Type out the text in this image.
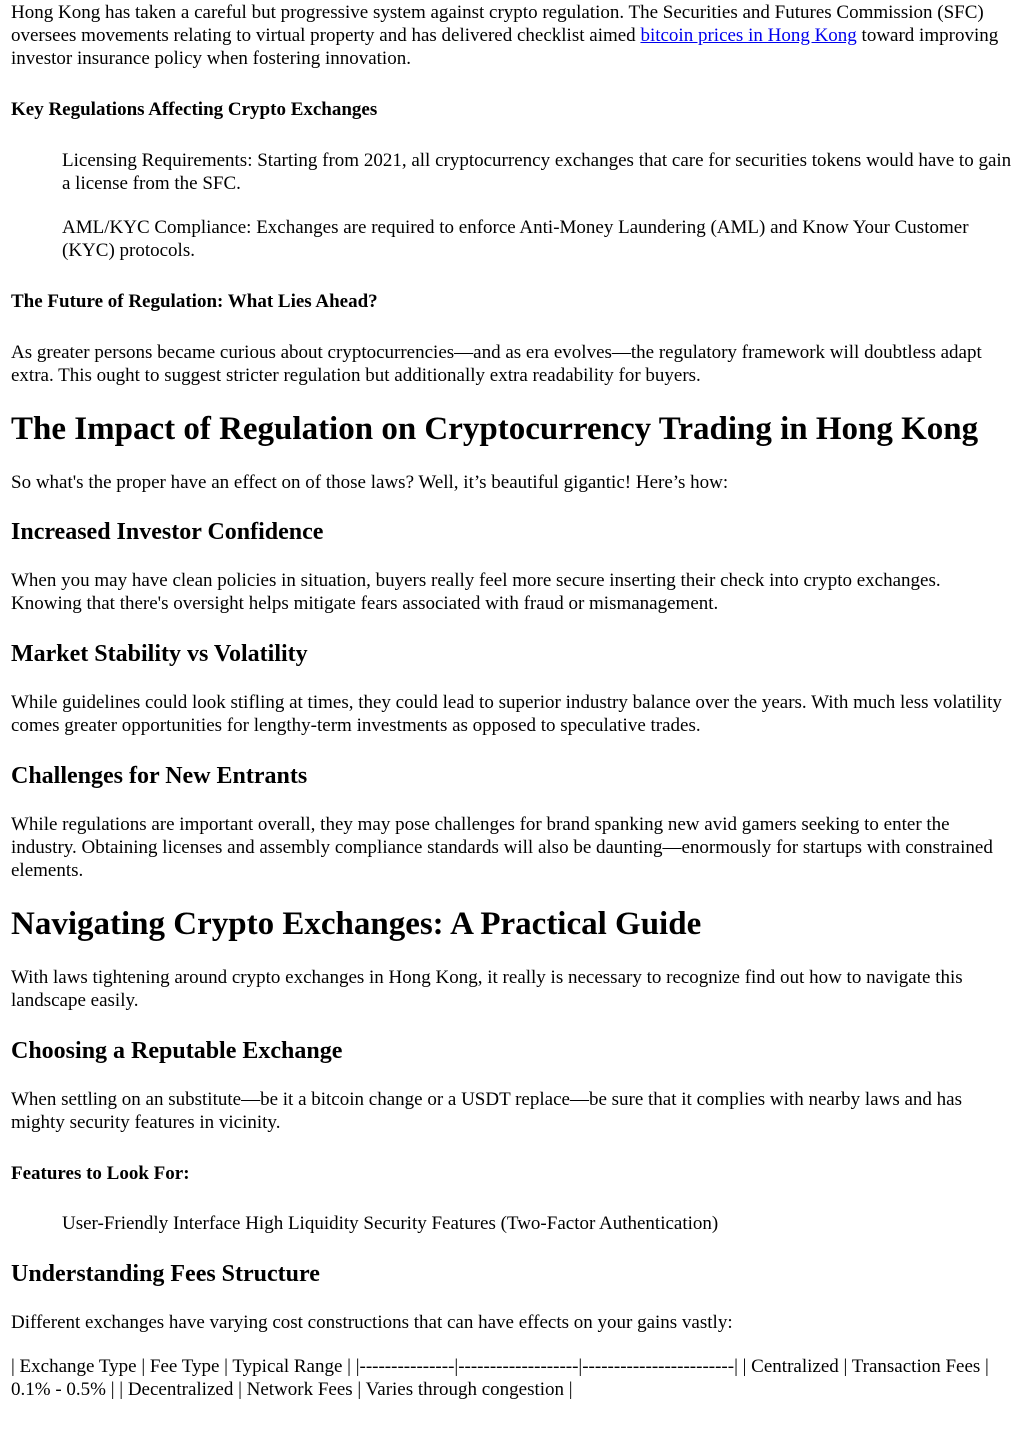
Hong Kong has taken a careful but progressive system against crypto regulation. The Securities and Futures Commission (SFC) oversees movements relating to virtual property and has delivered checklist aimed bitcoin prices in Hong Kong toward improving investor insurance policy when fostering innovation.

Key Regulations Affecting Crypto Exchanges

Licensing Requirements: Starting from 2021, all cryptocurrency exchanges that care for securities tokens would have to gain a license from the SFC.

AML/KYC Compliance: Exchanges are required to enforce Anti-Money Laundering (AML) and Know Your Customer (KYC) protocols.

The Future of Regulation: What Lies Ahead?

As greater persons became curious about cryptocurrencies—and as era evolves—the regulatory framework will doubtless adapt extra. This ought to suggest stricter regulation but additionally extra readability for buyers.

The Impact of Regulation on Cryptocurrency Trading in Hong Kong

So what's the proper have an effect on of those laws? Well, it’s beautiful gigantic! Here’s how:

Increased Investor Confidence

When you may have clean policies in situation, buyers really feel more secure inserting their check into crypto exchanges. Knowing that there's oversight helps mitigate fears associated with fraud or mismanagement.

Market Stability vs Volatility

While guidelines could look stifling at times, they could lead to superior industry balance over the years. With much less volatility comes greater opportunities for lengthy-term investments as opposed to speculative trades.

Challenges for New Entrants

While regulations are important overall, they may pose challenges for brand spanking new avid gamers seeking to enter the industry. Obtaining licenses and assembly compliance standards will also be daunting—enormously for startups with constrained elements.

Navigating Crypto Exchanges: A Practical Guide

With laws tightening around crypto exchanges in Hong Kong, it really is necessary to recognize find out how to navigate this landscape easily.

Choosing a Reputable Exchange

When settling on an substitute—be it a bitcoin change or a USDT replace—be sure that it complies with nearby laws and has mighty security features in vicinity.

Features to Look For:

User-Friendly Interface High Liquidity Security Features (Two-Factor Authentication)

Understanding Fees Structure

Different exchanges have varying cost constructions that can have effects on your gains vastly:

| Exchange Type | Fee Type | Typical Range | |---------------|-------------------|------------------------| | Centralized | Transaction Fees | 0.1% - 0.5% | | Decentralized | Network Fees | Varies through congestion |
